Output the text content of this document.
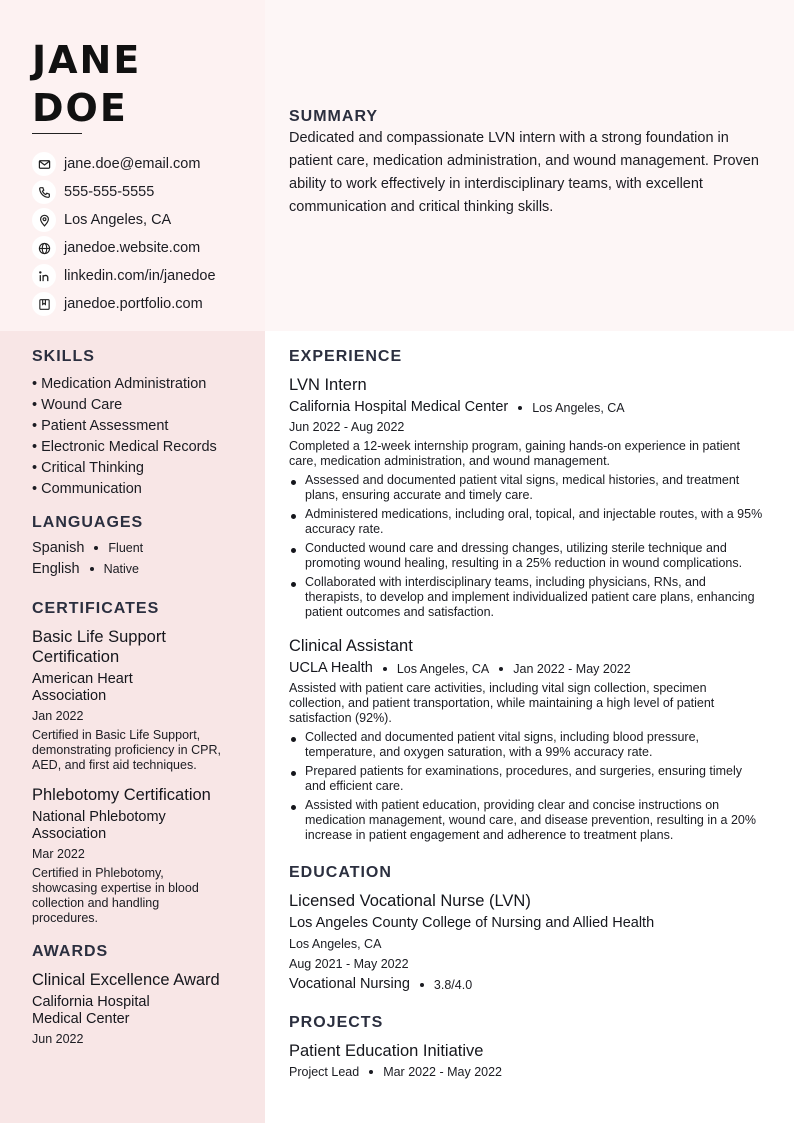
JANE
DOE
jane.doe@email.com
555-555-5555
Los Angeles, CA
janedoe.website.com
linkedin.com/in/janedoe
janedoe.portfolio.com
SUMMARY

Dedicated and compassionate LVN intern with a strong foundation in patient care, medication administration, and wound management. Proven ability to work effectively in interdisciplinary teams, with excellent communication and critical thinking skills.

SKILLS
• Medication Administration
• Wound Care
• Patient Assessment
• Electronic Medical Records
• Critical Thinking
• Communication
LANGUAGES
Spanish Fluent
English Native
CERTIFICATES
Basic Life Support Certification
American Heart Association
Jan 2022
Certified in Basic Life Support, demonstrating proficiency in CPR, AED, and first aid techniques.
Phlebotomy Certification
National Phlebotomy Association
Mar 2022
Certified in Phlebotomy, showcasing expertise in blood collection and handling procedures.
AWARDS
Clinical Excellence Award
California Hospital Medical Center
Jun 2022
EXPERIENCE
LVN Intern
California Hospital Medical Center Los Angeles, CA
Jun 2022 - Aug 2022
Completed a 12-week internship program, gaining hands-on experience in patient care, medication administration, and wound management.
Assessed and documented patient vital signs, medical histories, and treatment plans, ensuring accurate and timely care.
Administered medications, including oral, topical, and injectable routes, with a 95% accuracy rate.
Conducted wound care and dressing changes, utilizing sterile technique and promoting wound healing, resulting in a 25% reduction in wound complications.
Collaborated with interdisciplinary teams, including physicians, RNs, and therapists, to develop and implement individualized patient care plans, enhancing patient outcomes and satisfaction.
Clinical Assistant
UCLA Health Los Angeles, CA Jan 2022 - May 2022
Assisted with patient care activities, including vital sign collection, specimen collection, and patient transportation, while maintaining a high level of patient satisfaction (92%).
Collected and documented patient vital signs, including blood pressure, temperature, and oxygen saturation, with a 99% accuracy rate.
Prepared patients for examinations, procedures, and surgeries, ensuring timely and efficient care.
Assisted with patient education, providing clear and concise instructions on medication management, wound care, and disease prevention, resulting in a 20% increase in patient engagement and adherence to treatment plans.
EDUCATION
Licensed Vocational Nurse (LVN)
Los Angeles County College of Nursing and Allied Health
Los Angeles, CA
Aug 2021 - May 2022
Vocational Nursing 3.8/4.0
PROJECTS
Patient Education Initiative
Project Lead Mar 2022 - May 2022
